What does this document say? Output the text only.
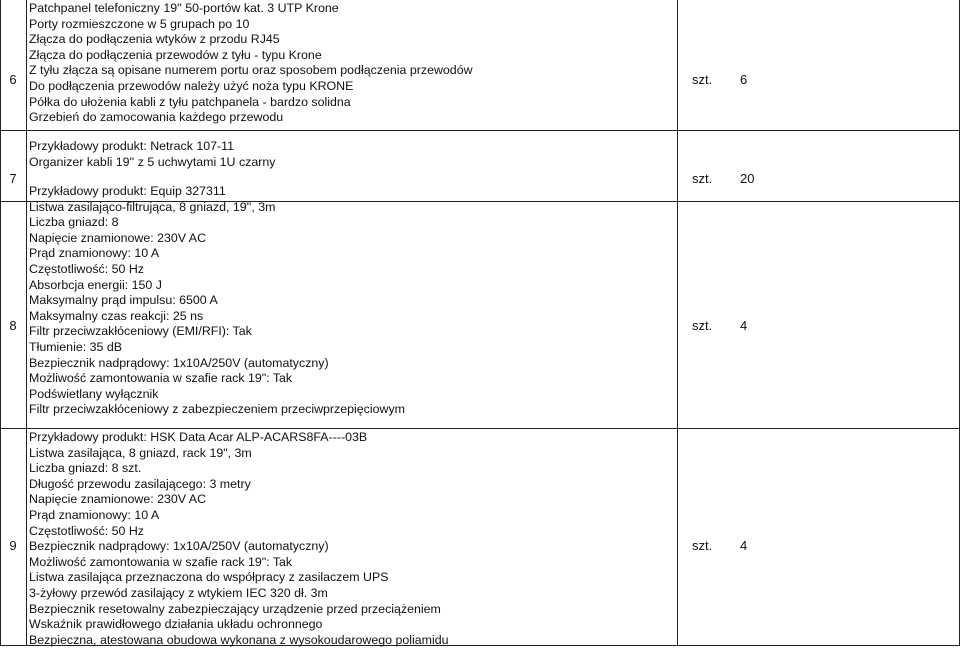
6
Patchpanel telefoniczny 19'' 50-portów kat. 3 UTP Krone
Porty rozmieszczone w 5 grupach po 10
Złącza do podłączenia wtyków z przodu RJ45
Złącza do podłączenia przewodów z tyłu - typu Krone
Z tyłu złącza są opisane numerem portu oraz sposobem podłączenia przewodów
Do podłączenia przewodów należy użyć noża typu KRONE
Półka do ułożenia kabli z tyłu patchpanela - bardzo solidna
Grzebień do zamocowania każdego przewodu
szt. 6
7
Przykładowy produkt: Netrack 107-11
Organizer kabli 19'' z 5 uchwytami 1U czarny
szt. 20
8
Przykładowy produkt: Equip 327311
Listwa zasilająco-filtrująca, 8 gniazd, 19'', 3m
Liczba gniazd: 8
Napięcie znamionowe: 230V AC
Prąd znamionowy: 10 A
Częstotliwość: 50 Hz
Absorbcja energii: 150 J
Maksymalny prąd impulsu: 6500 A
Maksymalny czas reakcji: 25 ns
Filtr przeciwzakłóceniowy (EMI/RFI): Tak
Tłumienie: 35 dB
Bezpiecznik nadprądowy: 1x10A/250V (automatyczny)
Możliwość zamontowania w szafie rack 19": Tak
Podświetlany wyłącznik
Filtr przeciwzakłóceniowy z zabezpieczeniem przeciwprzepięciowym
szt. 4
9
Przykładowy produkt: HSK Data Acar ALP-ACARS8FA----03B
Listwa zasilająca, 8 gniazd, rack 19", 3m
Liczba gniazd: 8 szt.
Długość przewodu zasilającego: 3 metry
Napięcie znamionowe: 230V AC
Prąd znamionowy: 10 A
Częstotliwość: 50 Hz
Bezpiecznik nadprądowy: 1x10A/250V (automatyczny)
Możliwość zamontowania w szafie rack 19": Tak
Listwa zasilająca przeznaczona do współpracy z zasilaczem UPS
3-żyłowy przewód zasilający z wtykiem IEC 320 dł. 3m
Bezpiecznik resetowalny zabezpieczający urządzenie przed przeciążeniem
Wskaźnik prawidłowego działania układu ochronnego
Bezpieczna, atestowana obudowa wykonana z wysokoudarowego poliamidu
szt. 4
